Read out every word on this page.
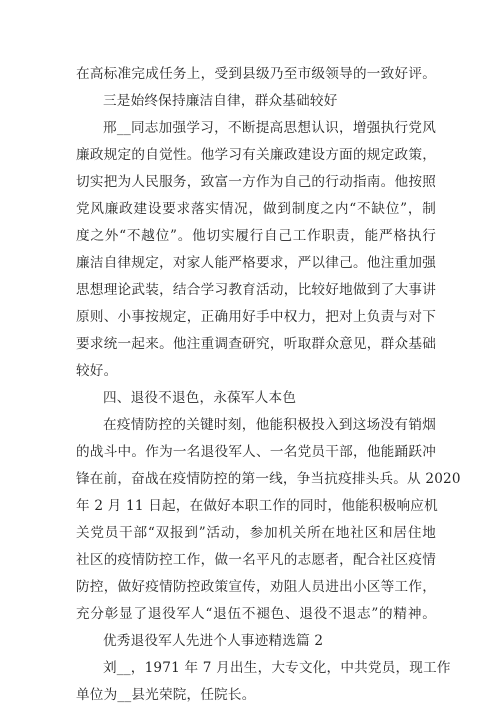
在高标准完成任务上，受到县级乃至市级领导的一致好评。
三是始终保持廉洁自律，群众基础较好
邢__同志加强学习，不断提高思想认识，增强执行党风
廉政规定的自觉性。他学习有关廉政建设方面的规定政策，
切实把为人民服务，致富一方作为自己的行动指南。他按照
党风廉政建设要求落实情况，做到制度之内“不缺位”，制
度之外“不越位”。他切实履行自己工作职责，能严格执行
廉洁自律规定，对家人能严格要求，严以律己。他注重加强
思想理论武装，结合学习教育活动，比较好地做到了大事讲
原则、小事按规定，正确用好手中权力，把对上负责与对下
要求统一起来。他注重调查研究，听取群众意见，群众基础
较好。
四、退役不退色，永葆军人本色
在疫情防控的关键时刻，他能积极投入到这场没有销烟
的战斗中。作为一名退役军人、一名党员干部，他能踊跃冲
锋在前，奋战在疫情防控的第一线，争当抗疫排头兵。从 2020
年 2 月 11 日起，在做好本职工作的同时，他能积极响应机
关党员干部“双报到”活动，参加机关所在地社区和居住地
社区的疫情防控工作，做一名平凡的志愿者，配合社区疫情
防控，做好疫情防控政策宣传，劝阻人员进出小区等工作，
充分彰显了退役军人“退伍不褪色、退役不退志”的精神。
优秀退役军人先进个人事迹精选篇 2
刘__，1971 年 7 月出生，大专文化，中共党员，现工作
单位为__县光荣院，任院长。
